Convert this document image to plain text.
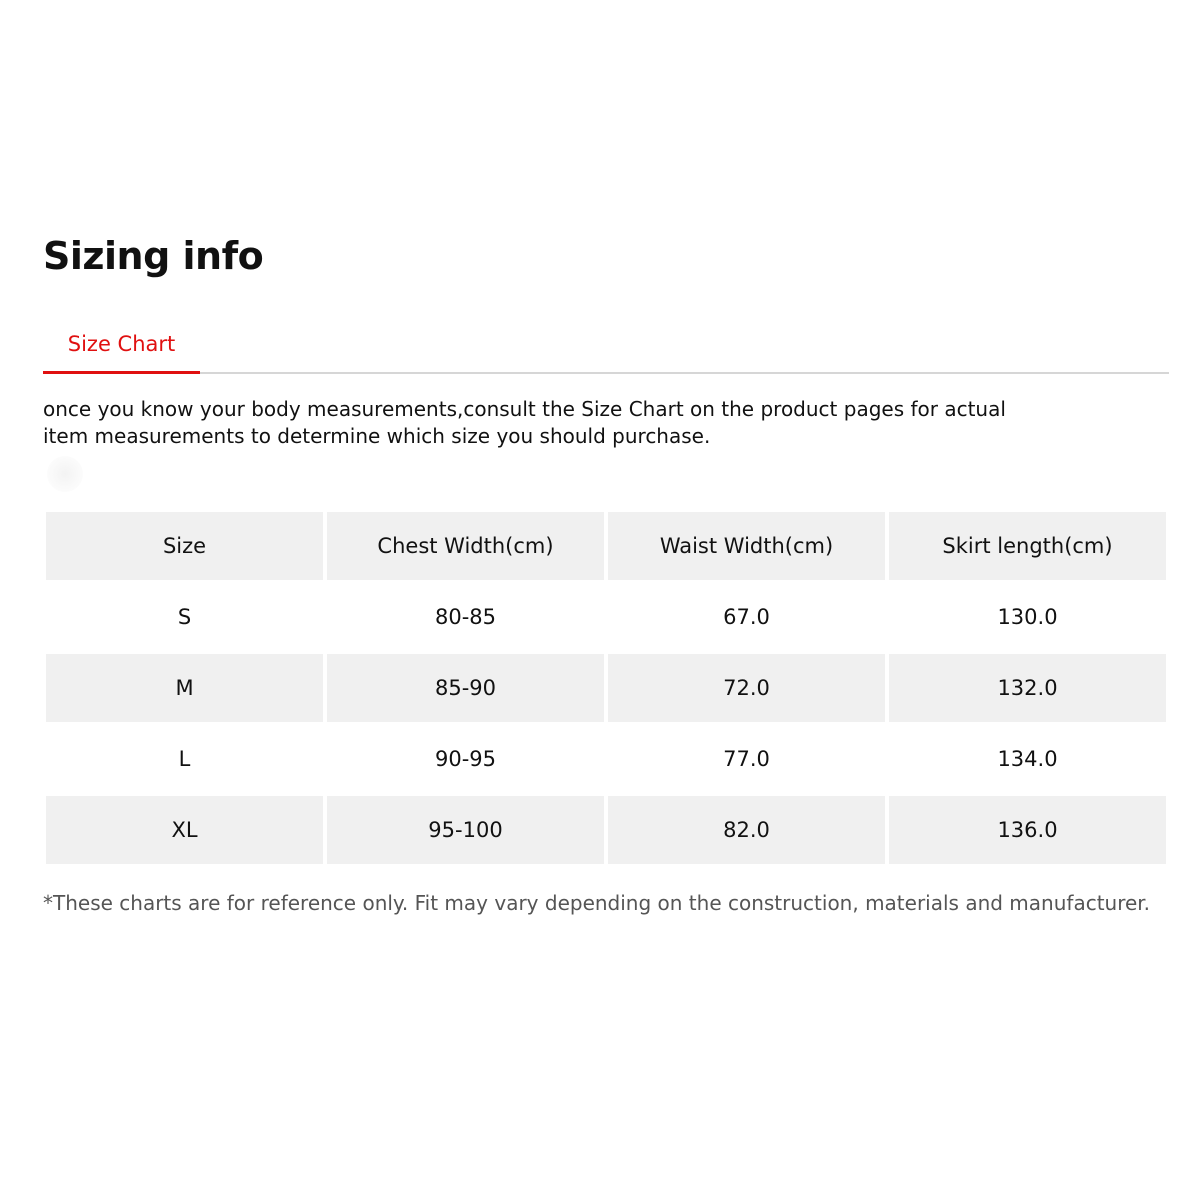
Sizing info
Size Chart
once you know your body measurements,consult the Size Chart on the product pages for actual item measurements to determine which size you should purchase.
Size	Chest Width(cm)	Waist Width(cm)	Skirt length(cm)

S	80-85	67.0	130.0

M	85-90	72.0	132.0

L	90-95	77.0	134.0

XL	95-100	82.0	136.0
*These charts are for reference only. Fit may vary depending on the construction, materials and manufacturer.
